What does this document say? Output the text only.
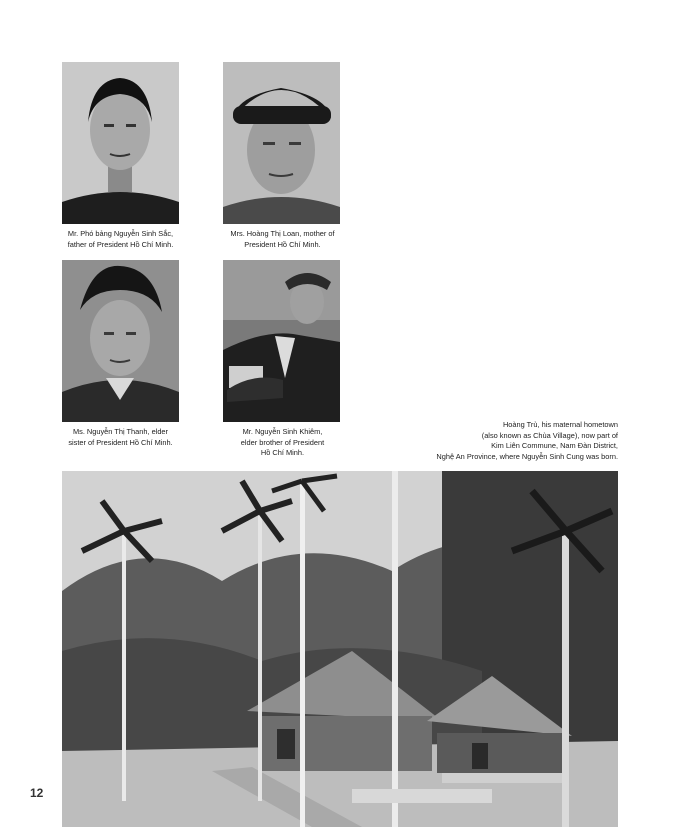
Mr. Phó bảng Nguyễn Sinh Sắc,
father of President Hồ Chí Minh.
Mrs. Hoàng Thị Loan, mother of
President Hồ Chí Minh.
Ms. Nguyễn Thị Thanh, elder
sister of President Hồ Chí Minh.
Mr. Nguyễn Sinh Khiêm,
elder brother of President
Hồ Chí Minh.
Hoàng Trù, his maternal hometown
(also known as Chùa Village), now part of
Kim Liên Commune, Nam Đàn District,
Nghệ An Province, where Nguyễn Sinh Cung was born.
12
